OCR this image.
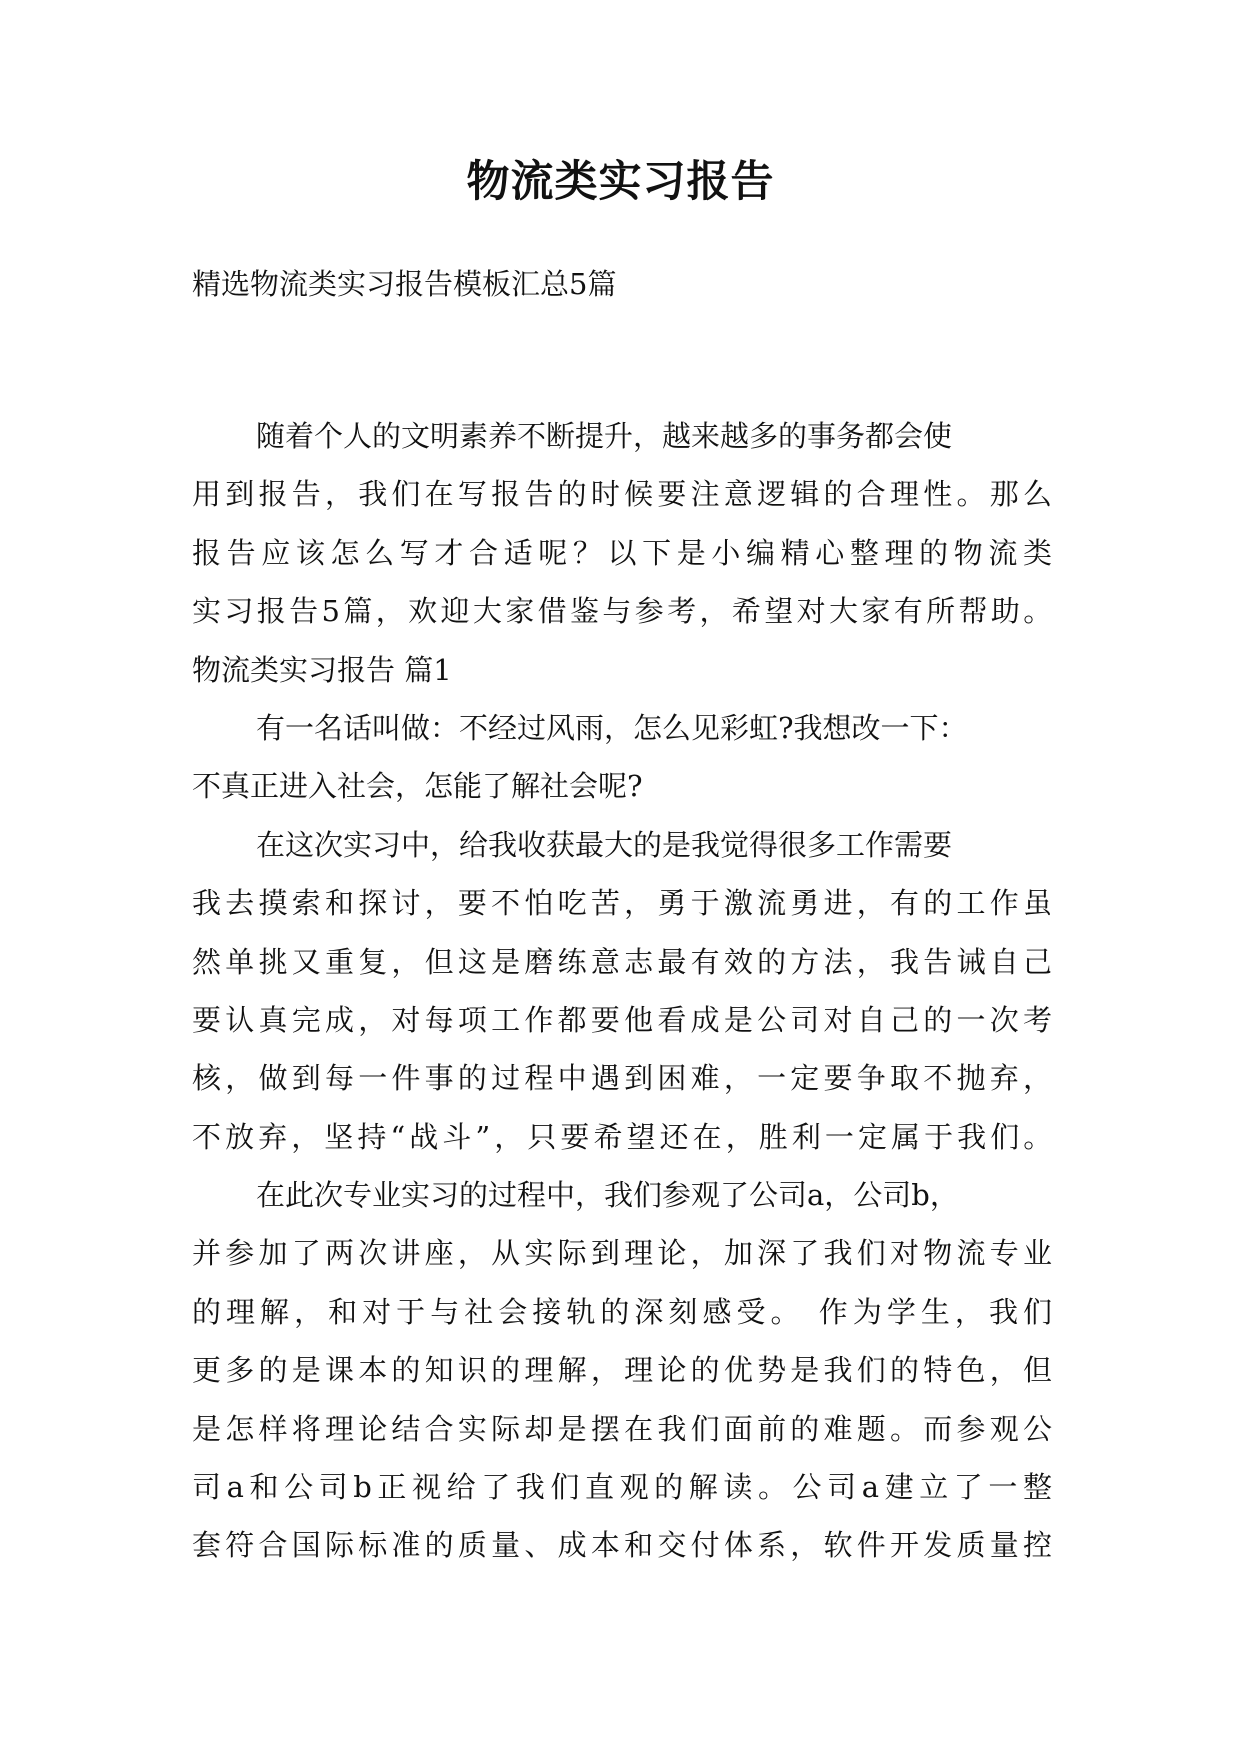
物流类实习报告

精选物流类实习报告模板汇总5篇

随着个人的文明素养不断提升，越来越多的事务都会使

用到报告，我们在写报告的时候要注意逻辑的合理性。那么

报告应该怎么写才合适呢？以下是小编精心整理的物流类

实习报告5篇，欢迎大家借鉴与参考，希望对大家有所帮助。

物流类实习报告 篇1

有一名话叫做：不经过风雨，怎么见彩虹?我想改一下：

不真正进入社会，怎能了解社会呢?

在这次实习中，给我收获最大的是我觉得很多工作需要

我去摸索和探讨，要不怕吃苦，勇于激流勇进，有的工作虽

然单挑又重复，但这是磨练意志最有效的方法，我告诫自己

要认真完成，对每项工作都要他看成是公司对自己的一次考

核，做到每一件事的过程中遇到困难，一定要争取不抛弃，

不放弃，坚持“战斗”，只要希望还在，胜利一定属于我们。

在此次专业实习的过程中，我们参观了公司a，公司b，

并参加了两次讲座，从实际到理论，加深了我们对物流专业

的理解，和对于与社会接轨的深刻感受。 作为学生，我们

更多的是课本的知识的理解，理论的优势是我们的特色，但

是怎样将理论结合实际却是摆在我们面前的难题。而参观公

司a和公司b正视给了我们直观的解读。公司a建立了一整

套符合国际标准的质量、成本和交付体系，软件开发质量控
